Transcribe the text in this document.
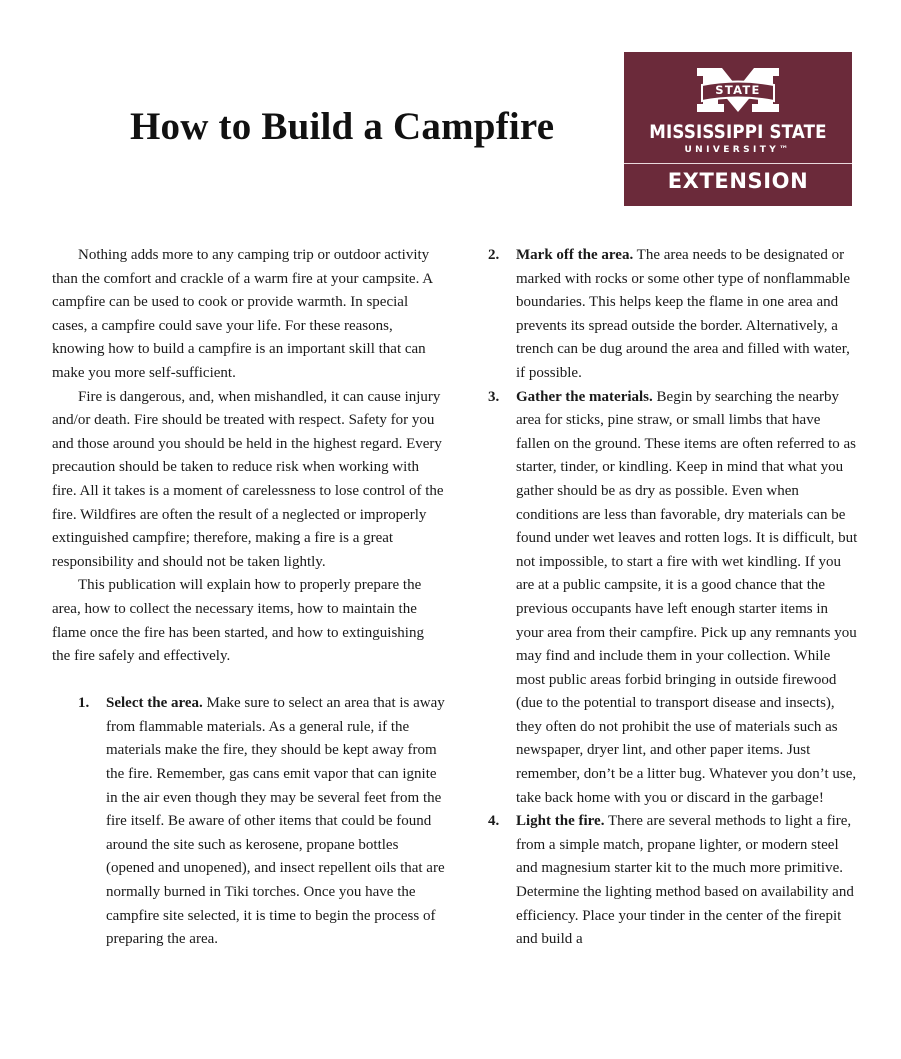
How to Build a Campfire
STATE
MISSISSIPPI STATE
UNIVERSITY™
EXTENSION

Nothing adds more to any camping trip or outdoor activity than the comfort and crackle of a warm fire at your campsite. A campfire can be used to cook or provide warmth. In special cases, a campfire could save your life. For these reasons, knowing how to build a campfire is an important skill that can make you more self-sufficient.

Fire is dangerous, and, when mishandled, it can cause injury and/or death. Fire should be treated with respect. Safety for you and those around you should be held in the highest regard. Every precaution should be taken to reduce risk when working with fire. All it takes is a moment of carelessness to lose control of the fire. Wildfires are often the result of a neglected or improperly extinguished campfire; therefore, making a fire is a great responsibility and should not be taken lightly.

This publication will explain how to properly prepare the area, how to collect the necessary items, how to maintain the flame once the fire has been started, and how to extinguishing the fire safely and effectively.

1. Select the area. Make sure to select an area that is away from flammable materials. As a general rule, if the materials make the fire, they should be kept away from the fire. Remember, gas cans emit vapor that can ignite in the air even though they may be several feet from the fire itself. Be aware of other items that could be found around the site such as kerosene, propane bottles (opened and unopened), and insect repellent oils that are normally burned in Tiki torches. Once you have the campfire site selected, it is time to begin the process of preparing the area.
2. Mark off the area. The area needs to be designated or marked with rocks or some other type of nonflammable boundaries. This helps keep the flame in one area and prevents its spread outside the border. Alternatively, a trench can be dug around the area and filled with water, if possible.
3. Gather the materials. Begin by searching the nearby area for sticks, pine straw, or small limbs that have fallen on the ground. These items are often referred to as starter, tinder, or kindling. Keep in mind that what you gather should be as dry as possible. Even when conditions are less than favorable, dry materials can be found under wet leaves and rotten logs. It is difficult, but not impossible, to start a fire with wet kindling. If you are at a public campsite, it is a good chance that the previous occupants have left enough starter items in your area from their campfire. Pick up any remnants you may find and include them in your collection. While most public areas forbid bringing in outside firewood (due to the potential to transport disease and insects), they often do not prohibit the use of materials such as newspaper, dryer lint, and other paper items. Just remember, don’t be a litter bug. Whatever you don’t use, take back home with you or discard in the garbage!
4. Light the fire. There are several methods to light a fire, from a simple match, propane lighter, or modern steel and magnesium starter kit to the much more primitive. Determine the lighting method based on availability and efficiency. Place your tinder in the center of the firepit and build a
